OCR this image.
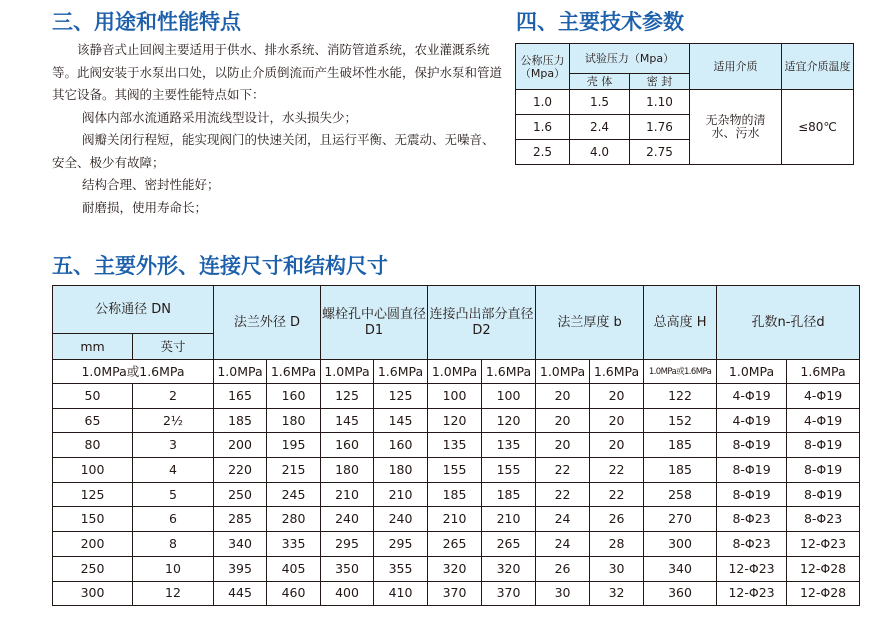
三、用途和性能特点	四、主要技术参数

该静音式止回阀主要适用于供水、排水系统、消防管道系统，农业灌溉系统等。此阀安装于水泵出口处，以防止介质倒流而产生破坏性水能，保护水泵和管道其它设备。其阀的主要性能特点如下：

阀体内部水流通路采用流线型设计，水头损失少；

阀瓣关闭行程短，能实现阀门的快速关闭，且运行平衡、无震动、无噪音、安全、极少有故障；

结构合理、密封性能好；

耐磨损，使用寿命长；

公称压力（Mpa）	试验压力（Mpa）		适用介质	适宜介质温度
	壳 体	密 封		
1.0	1.5	1.10	无杂物的清水、污水	≤80℃
1.6	2.4	1.76		
2.5	4.0	2.75		
五、主要外形、连接尺寸和结构尺寸
公称通径 DN		法兰外径 D		螺栓孔中心圆直径 D1		连接凸出部分直径 D2		法兰厚度 b		总高度 H	孔数n-孔径d	
mm	英寸											
1.0MPa或1.6MPa		1.0MPa	1.6MPa	1.0MPa	1.6MPa	1.0MPa	1.6MPa	1.0MPa	1.6MPa	1.0MPa或1.6MPa	1.0MPa	1.6MPa
50	2	165	160	125	125	100	100	20	20	122	4-Φ19	4-Φ19
65	2½	185	180	145	145	120	120	20	20	152	4-Φ19	4-Φ19
80	3	200	195	160	160	135	135	20	20	185	8-Φ19	8-Φ19
100	4	220	215	180	180	155	155	22	22	185	8-Φ19	8-Φ19
125	5	250	245	210	210	185	185	22	22	258	8-Φ19	8-Φ19
150	6	285	280	240	240	210	210	24	26	270	8-Φ23	8-Φ23
200	8	340	335	295	295	265	265	24	28	300	8-Φ23	12-Φ23
250	10	395	405	350	355	320	320	26	30	340	12-Φ23	12-Φ28
300	12	445	460	400	410	370	370	30	32	360	12-Φ23	12-Φ28
